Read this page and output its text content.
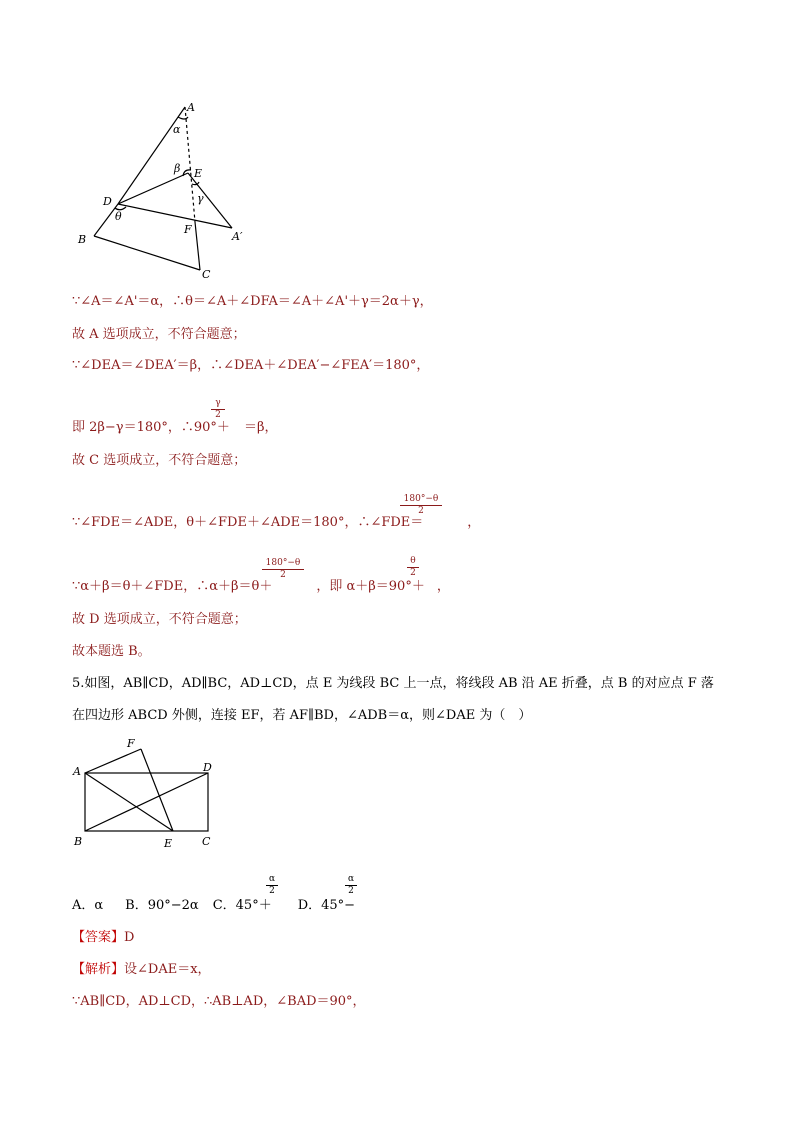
A
α
β E
D
θ
γ
B
F
A′
C
∵∠A＝∠A'＝α，∴θ＝∠A＋∠DFA＝∠A＋∠A'＋γ＝2α＋γ，
故 A 选项成立，不符合题意；
∵∠DEA＝∠DEA′＝β，∴∠DEA＋∠DEA′−∠FEA′＝180°，
即 2β−γ＝180°，∴90°＋ ＝β，
$\frac{\gamma}{2}$
故 C 选项成立，不符合题意；
∵∠FDE＝∠ADE，θ＋∠FDE＋∠ADE＝180°，∴∠FDE＝	，
$\frac{180^\circ-\theta}{2}$
∵α＋β＝θ＋∠FDE，∴α＋β＝θ＋	，即 α＋β＝90°＋ ，
$\frac{180^\circ-\theta}{2}$	$\frac{\theta}{2}$
故 D 选项成立，不符合题意；
故本题选 B。
5.如图，AB∥CD，AD∥BC，AD⊥CD，点 E 为线段 BC 上一点，将线段 AB 沿 AE 折叠，点 B 的对应点 F 落
在四边形 ABCD 外侧，连接 EF，若 AF∥BD，∠ADB＝α，则∠DAE 为（　）
F
A	D
B	E	C
A．α B．90°−2α C．45°＋ D．45°−
$\frac{\alpha}{2}$	$\frac{\alpha}{2}$
【答案】D
【解析】设∠DAE＝x，
∵AB∥CD，AD⊥CD，∴AB⊥AD，∠BAD＝90°，
